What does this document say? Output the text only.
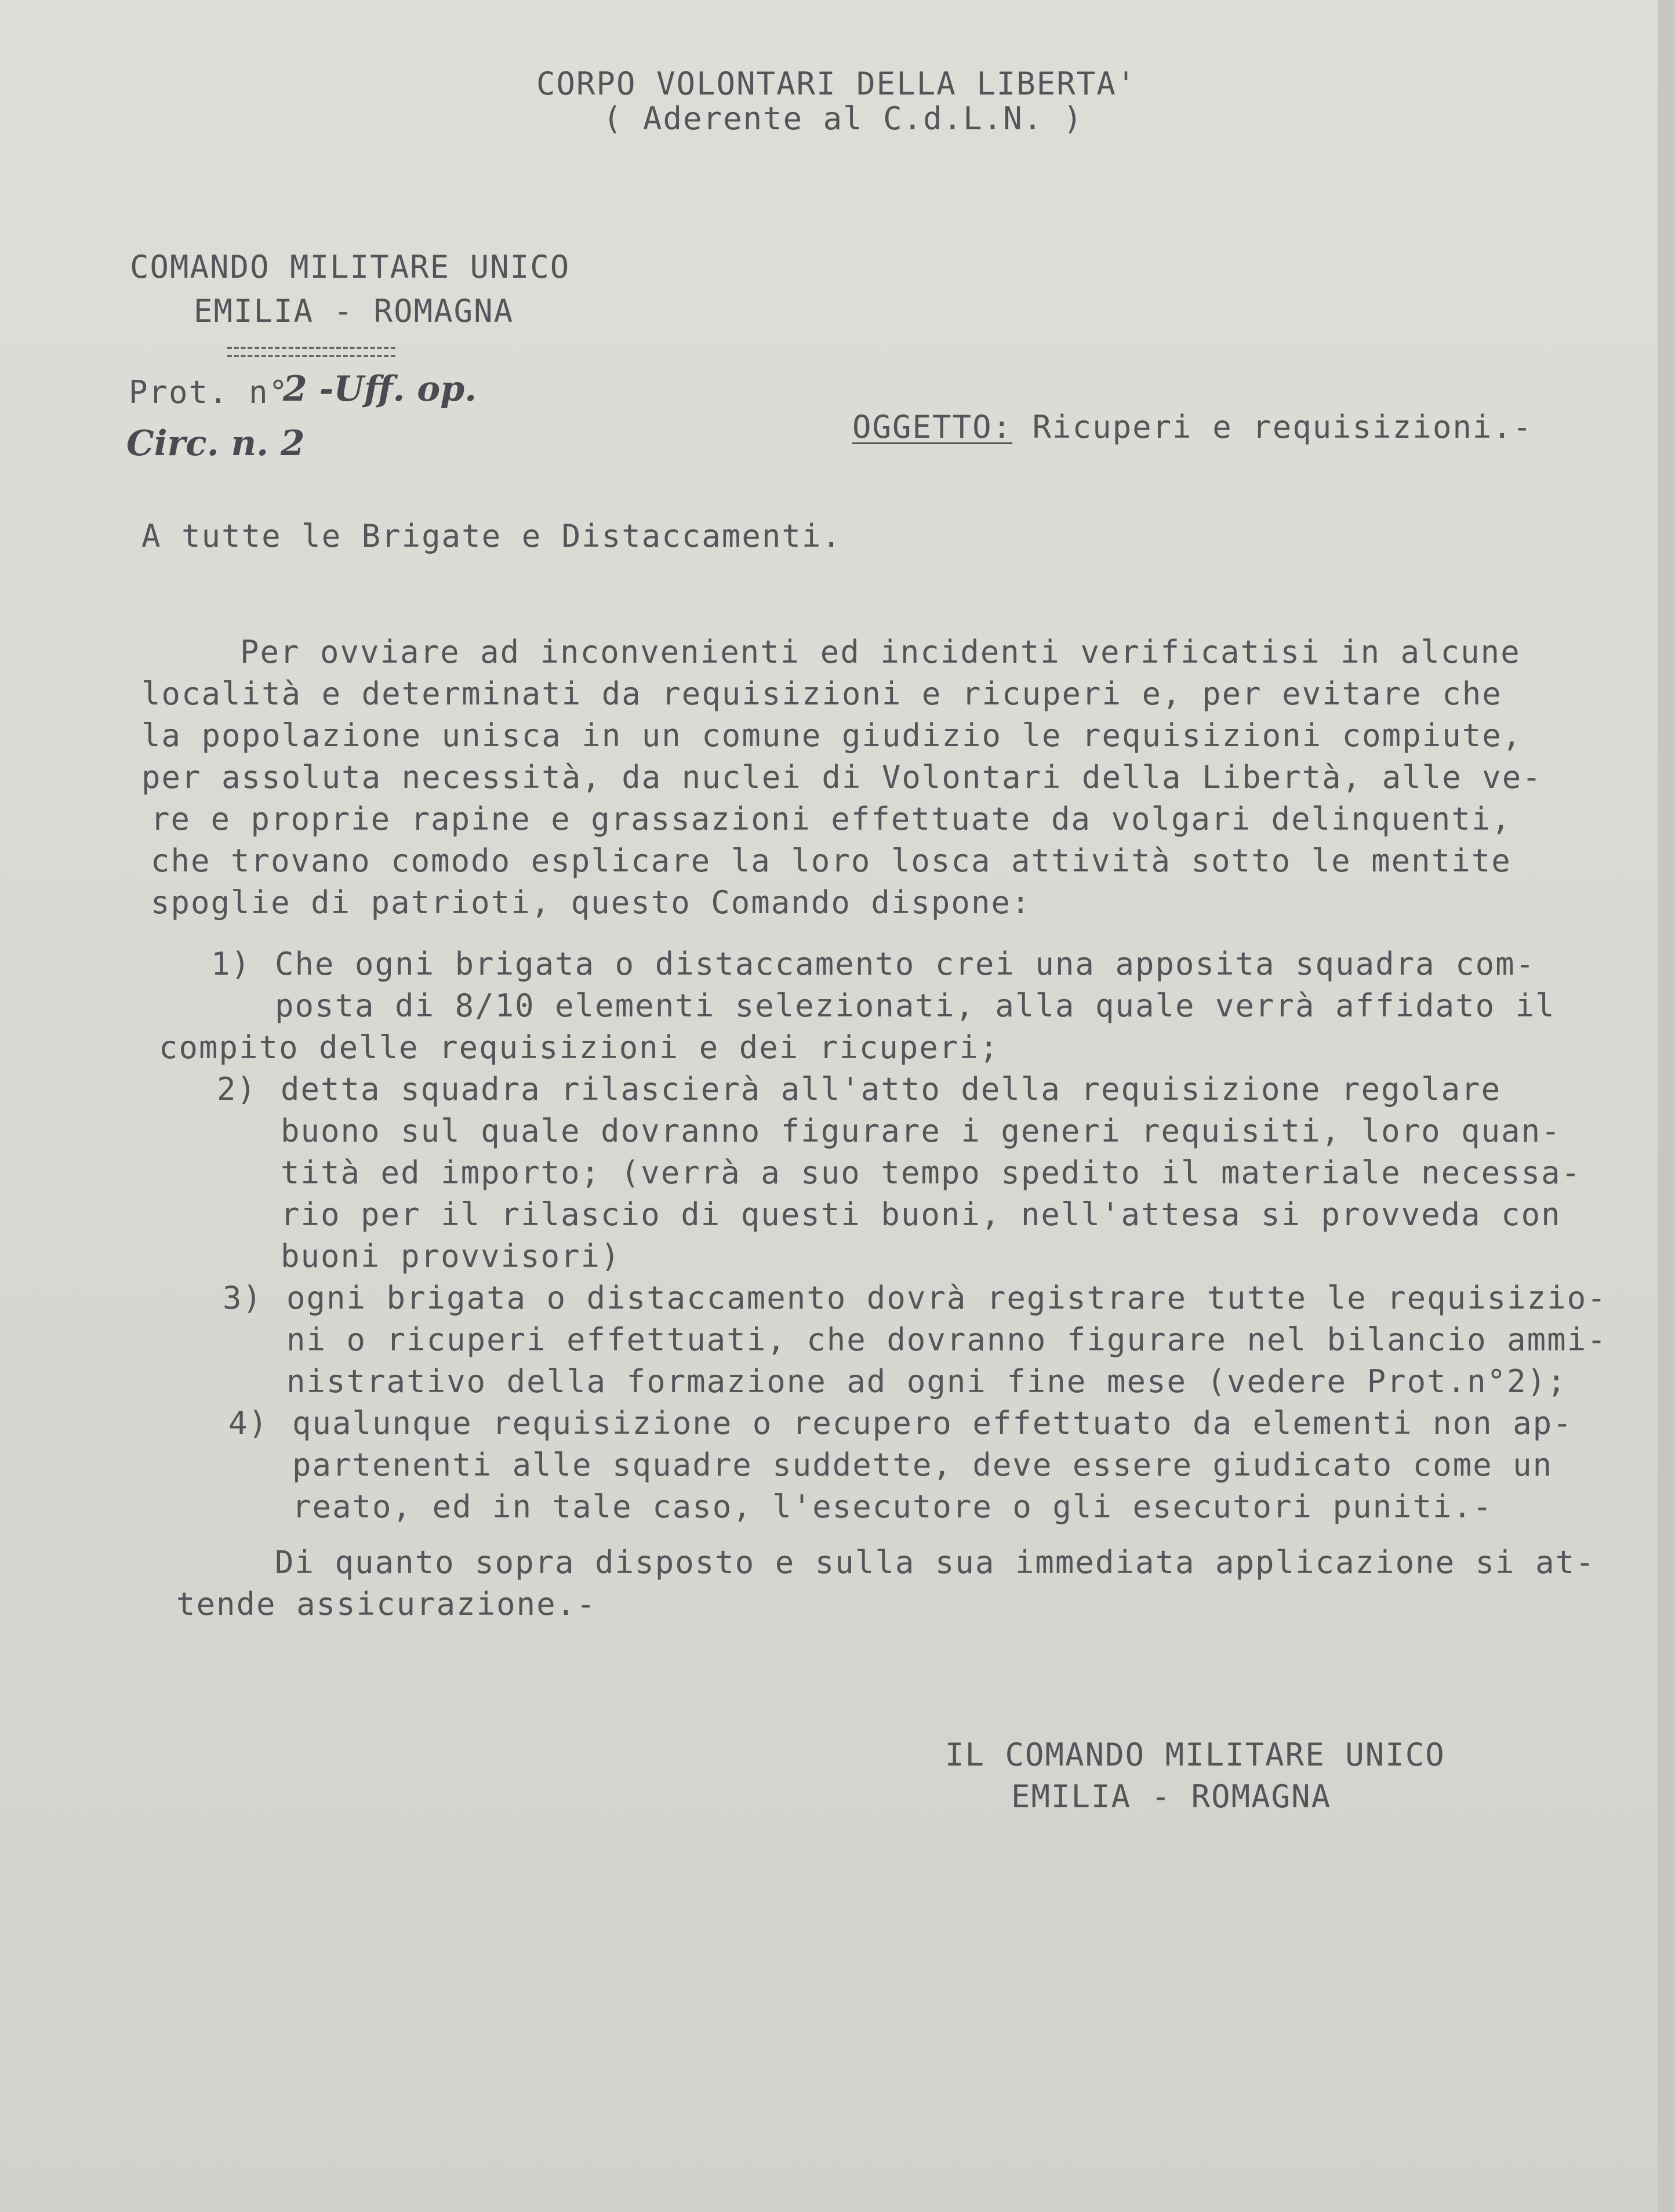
CORPO VOLONTARI DELLA LIBERTA'
( Aderente al C.d.L.N. )
COMANDO MILITARE UNICO
EMILIA - ROMAGNA
Prot. n°
2 -Uff. op.
Circ. n. 2	OGGETTO: Ricuperi e requisizioni.-
A tutte le Brigate e Distaccamenti.
Per ovviare ad inconvenienti ed incidenti verificatisi in alcune
località e determinati da requisizioni e ricuperi e, per evitare che
la popolazione unisca in un comune giudizio le requisizioni compiute,
per assoluta necessità, da nuclei di Volontari della Libertà, alle ve-
re e proprie rapine e grassazioni effettuate da volgari delinquenti,
che trovano comodo esplicare la loro losca attività sotto le mentite
spoglie di patrioti, questo Comando dispone:
1) Che ogni brigata o distaccamento crei una apposita squadra com-
posta di 8/10 elementi selezionati, alla quale verrà affidato il
compito delle requisizioni e dei ricuperi;
2) detta squadra rilascierà all'atto della requisizione regolare
buono sul quale dovranno figurare i generi requisiti, loro quan-
tità ed importo; (verrà a suo tempo spedito il materiale necessa-
rio per il rilascio di questi buoni, nell'attesa si provveda con
buoni provvisori)
3) ogni brigata o distaccamento dovrà registrare tutte le requisizio-
ni o ricuperi effettuati, che dovranno figurare nel bilancio ammi-
nistrativo della formazione ad ogni fine mese (vedere Prot.n°2);
4) qualunque requisizione o recupero effettuato da elementi non ap-
partenenti alle squadre suddette, deve essere giudicato come un
reato, ed in tale caso, l'esecutore o gli esecutori puniti.-
Di quanto sopra disposto e sulla sua immediata applicazione si at-
tende assicurazione.-
IL COMANDO MILITARE UNICO
EMILIA - ROMAGNA
